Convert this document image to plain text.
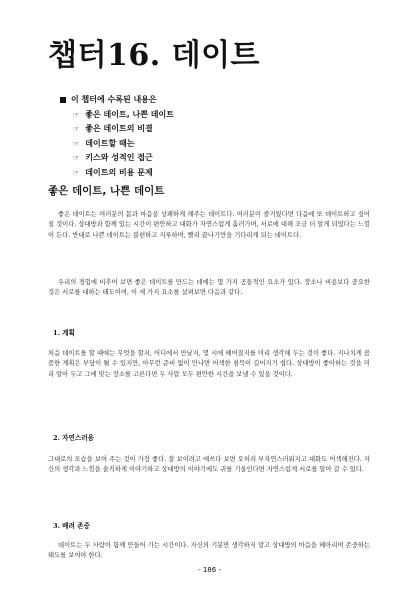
챕터16. 데이트
이 챕터에 수록된 내용은
☞ 좋은 데이트, 나쁜 데이트
☞ 좋은 데이트의 비결
☞ 데이트할 때는
☞ 키스와 성적인 접근
☞ 데이트의 비용 문제
좋은 데이트, 나쁜 데이트
좋은 데이트는 여러분의 몸과 마음을 상쾌하게 해주는 데이트다. 여러분이 즐거웠다면 다음에 또 데이트하고 싶어질 것이다. 상대방과 함께 있는 시간이 편안하고 대화가 자연스럽게 흘러가며, 서로에 대해 조금 더 알게 되었다는 느낌이 든다. 반대로 나쁜 데이트는 불편하고 지루하며, 빨리 끝나기만을 기다리게 되는 데이트다.
우리의 경험에 비추어 보면 좋은 데이트를 만드는 데에는 몇 가지 공통적인 요소가 있다. 장소나 비용보다 중요한 것은 서로를 대하는 태도이며, 이 세 가지 요소를 살펴보면 다음과 같다.
1. 계획
처음 데이트를 할 때에는 무엇을 할지, 어디에서 만날지, 몇 시에 헤어질지를 미리 생각해 두는 것이 좋다. 지나치게 꼼꼼한 계획은 부담이 될 수 있지만, 아무런 준비 없이 만나면 어색한 침묵이 길어지기 쉽다. 상대방이 좋아하는 것을 미리 알아 두고 그에 맞는 장소를 고른다면 두 사람 모두 편안한 시간을 보낼 수 있을 것이다.
2. 자연스러움
그대로의 모습을 보여 주는 것이 가장 좋다. 잘 보이려고 애쓰다 보면 오히려 부자연스러워지고 대화도 어색해진다. 자신의 생각과 느낌을 솔직하게 이야기하고 상대방의 이야기에도 귀를 기울인다면 자연스럽게 서로를 알아 갈 수 있다.
3. 배려 존중
데이트는 두 사람이 함께 만들어 가는 시간이다. 자신의 기분만 생각하지 말고 상대방의 마음을 헤아리며 존중하는 태도를 보여야 한다.
- 186 -
